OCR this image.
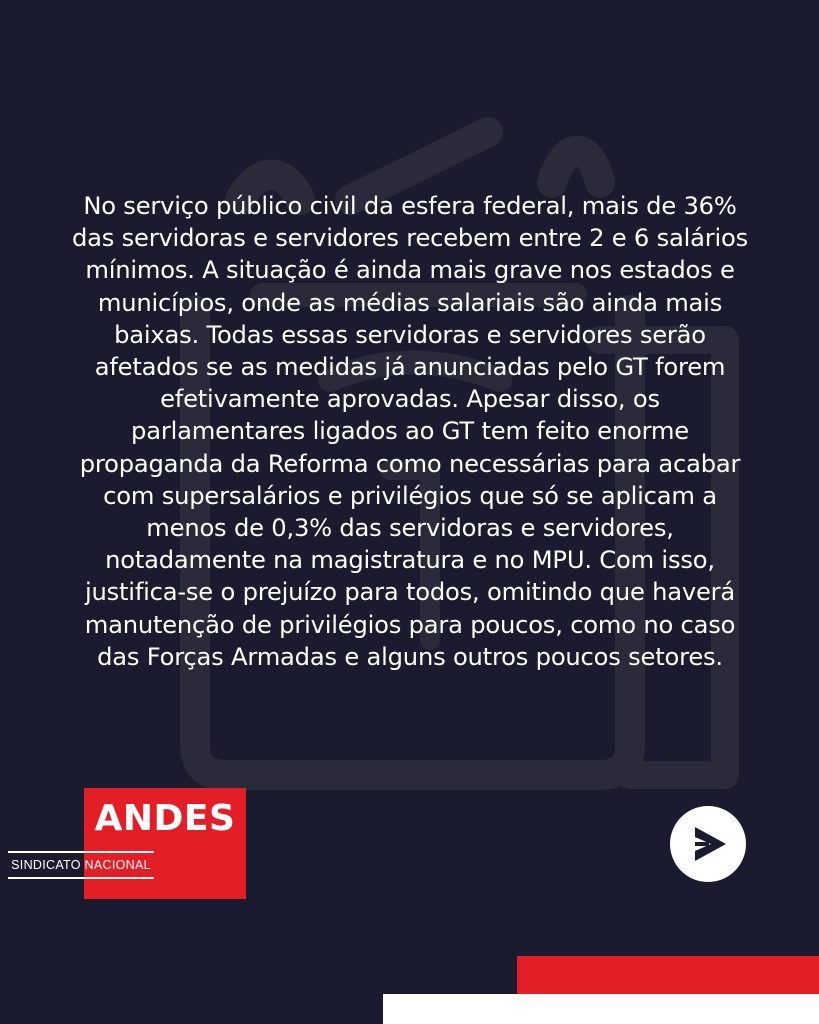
No serviço público civil da esfera federal, mais de 36% das servidoras e servidores recebem entre 2 e 6 salários mínimos. A situação é ainda mais grave nos estados e municípios, onde as médias salariais são ainda mais baixas. Todas essas servidoras e servidores serão afetados se as medidas já anunciadas pelo GT forem efetivamente aprovadas. Apesar disso, os parlamentares ligados ao GT tem feito enorme propaganda da Reforma como necessárias para acabar com supersalários e privilégios que só se aplicam a menos de 0,3% das servidoras e servidores, notadamente na magistratura e no MPU. Com isso, justifica-se o prejuízo para todos, omitindo que haverá manutenção de privilégios para poucos, como no caso das Forças Armadas e alguns outros poucos setores.

ANDES
SINDICATO NACIONAL
